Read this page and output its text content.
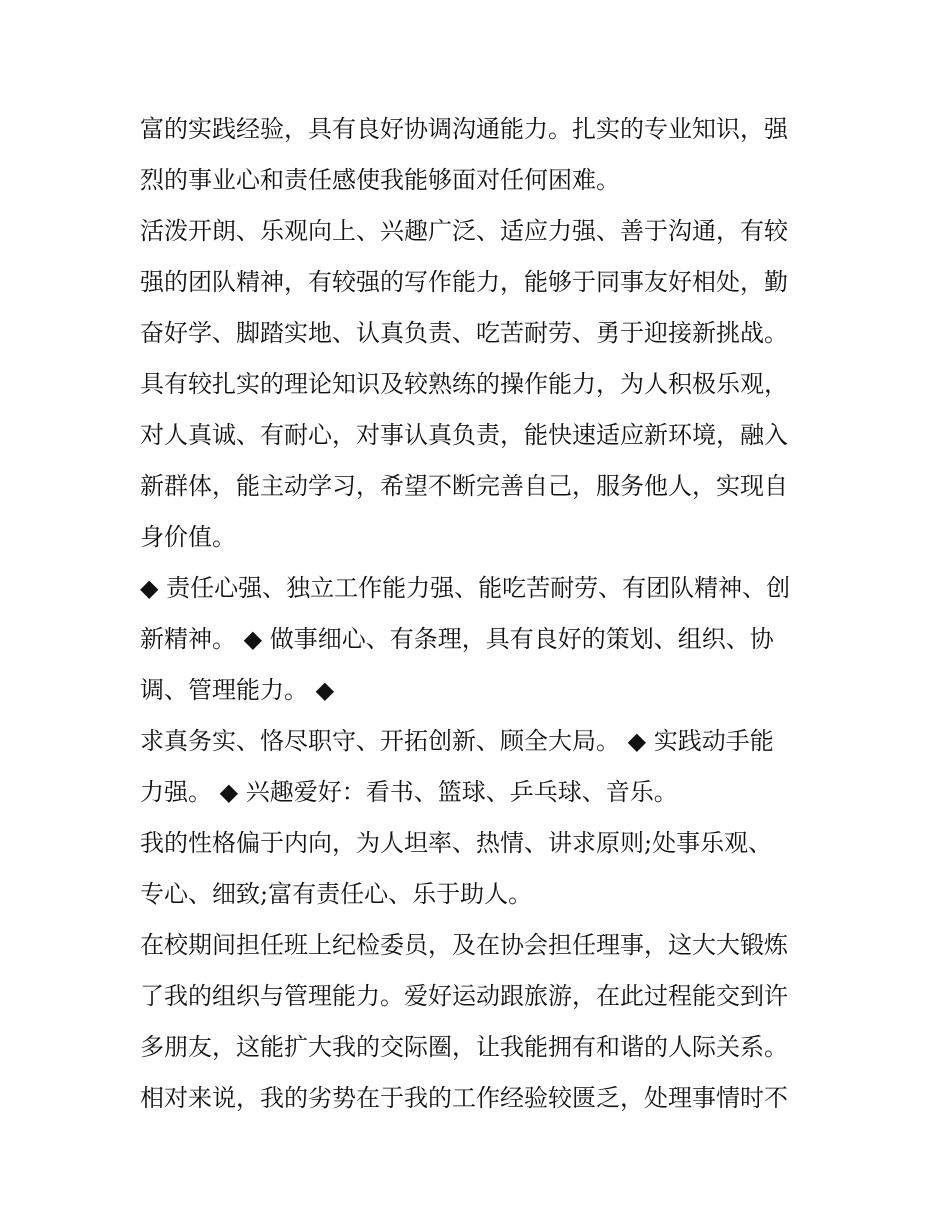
富的实践经验，具有良好协调沟通能力。扎实的专业知识，强
烈的事业心和责任感使我能够面对任何困难。
活泼开朗、乐观向上、兴趣广泛、适应力强、善于沟通，有较
强的团队精神，有较强的写作能力，能够于同事友好相处，勤
奋好学、脚踏实地、认真负责、吃苦耐劳、勇于迎接新挑战。
具有较扎实的理论知识及较熟练的操作能力，为人积极乐观，
对人真诚、有耐心，对事认真负责，能快速适应新环境，融入
新群体，能主动学习，希望不断完善自己，服务他人，实现自
身价值。
◆ 责任心强、独立工作能力强、能吃苦耐劳、有团队精神、创
新精神。 ◆ 做事细心、有条理，具有良好的策划、组织、协
调、管理能力。 ◆
求真务实、恪尽职守、开拓创新、顾全大局。 ◆ 实践动手能
力强。 ◆ 兴趣爱好：看书、篮球、乒乓球、音乐。
我的性格偏于内向，为人坦率、热情、讲求原则;处事乐观、
专心、细致;富有责任心、乐于助人。
在校期间担任班上纪检委员，及在协会担任理事，这大大锻炼
了我的组织与管理能力。爱好运动跟旅游，在此过程能交到许
多朋友，这能扩大我的交际圈，让我能拥有和谐的人际关系。
相对来说，我的劣势在于我的工作经验较匮乏，处理事情时不
